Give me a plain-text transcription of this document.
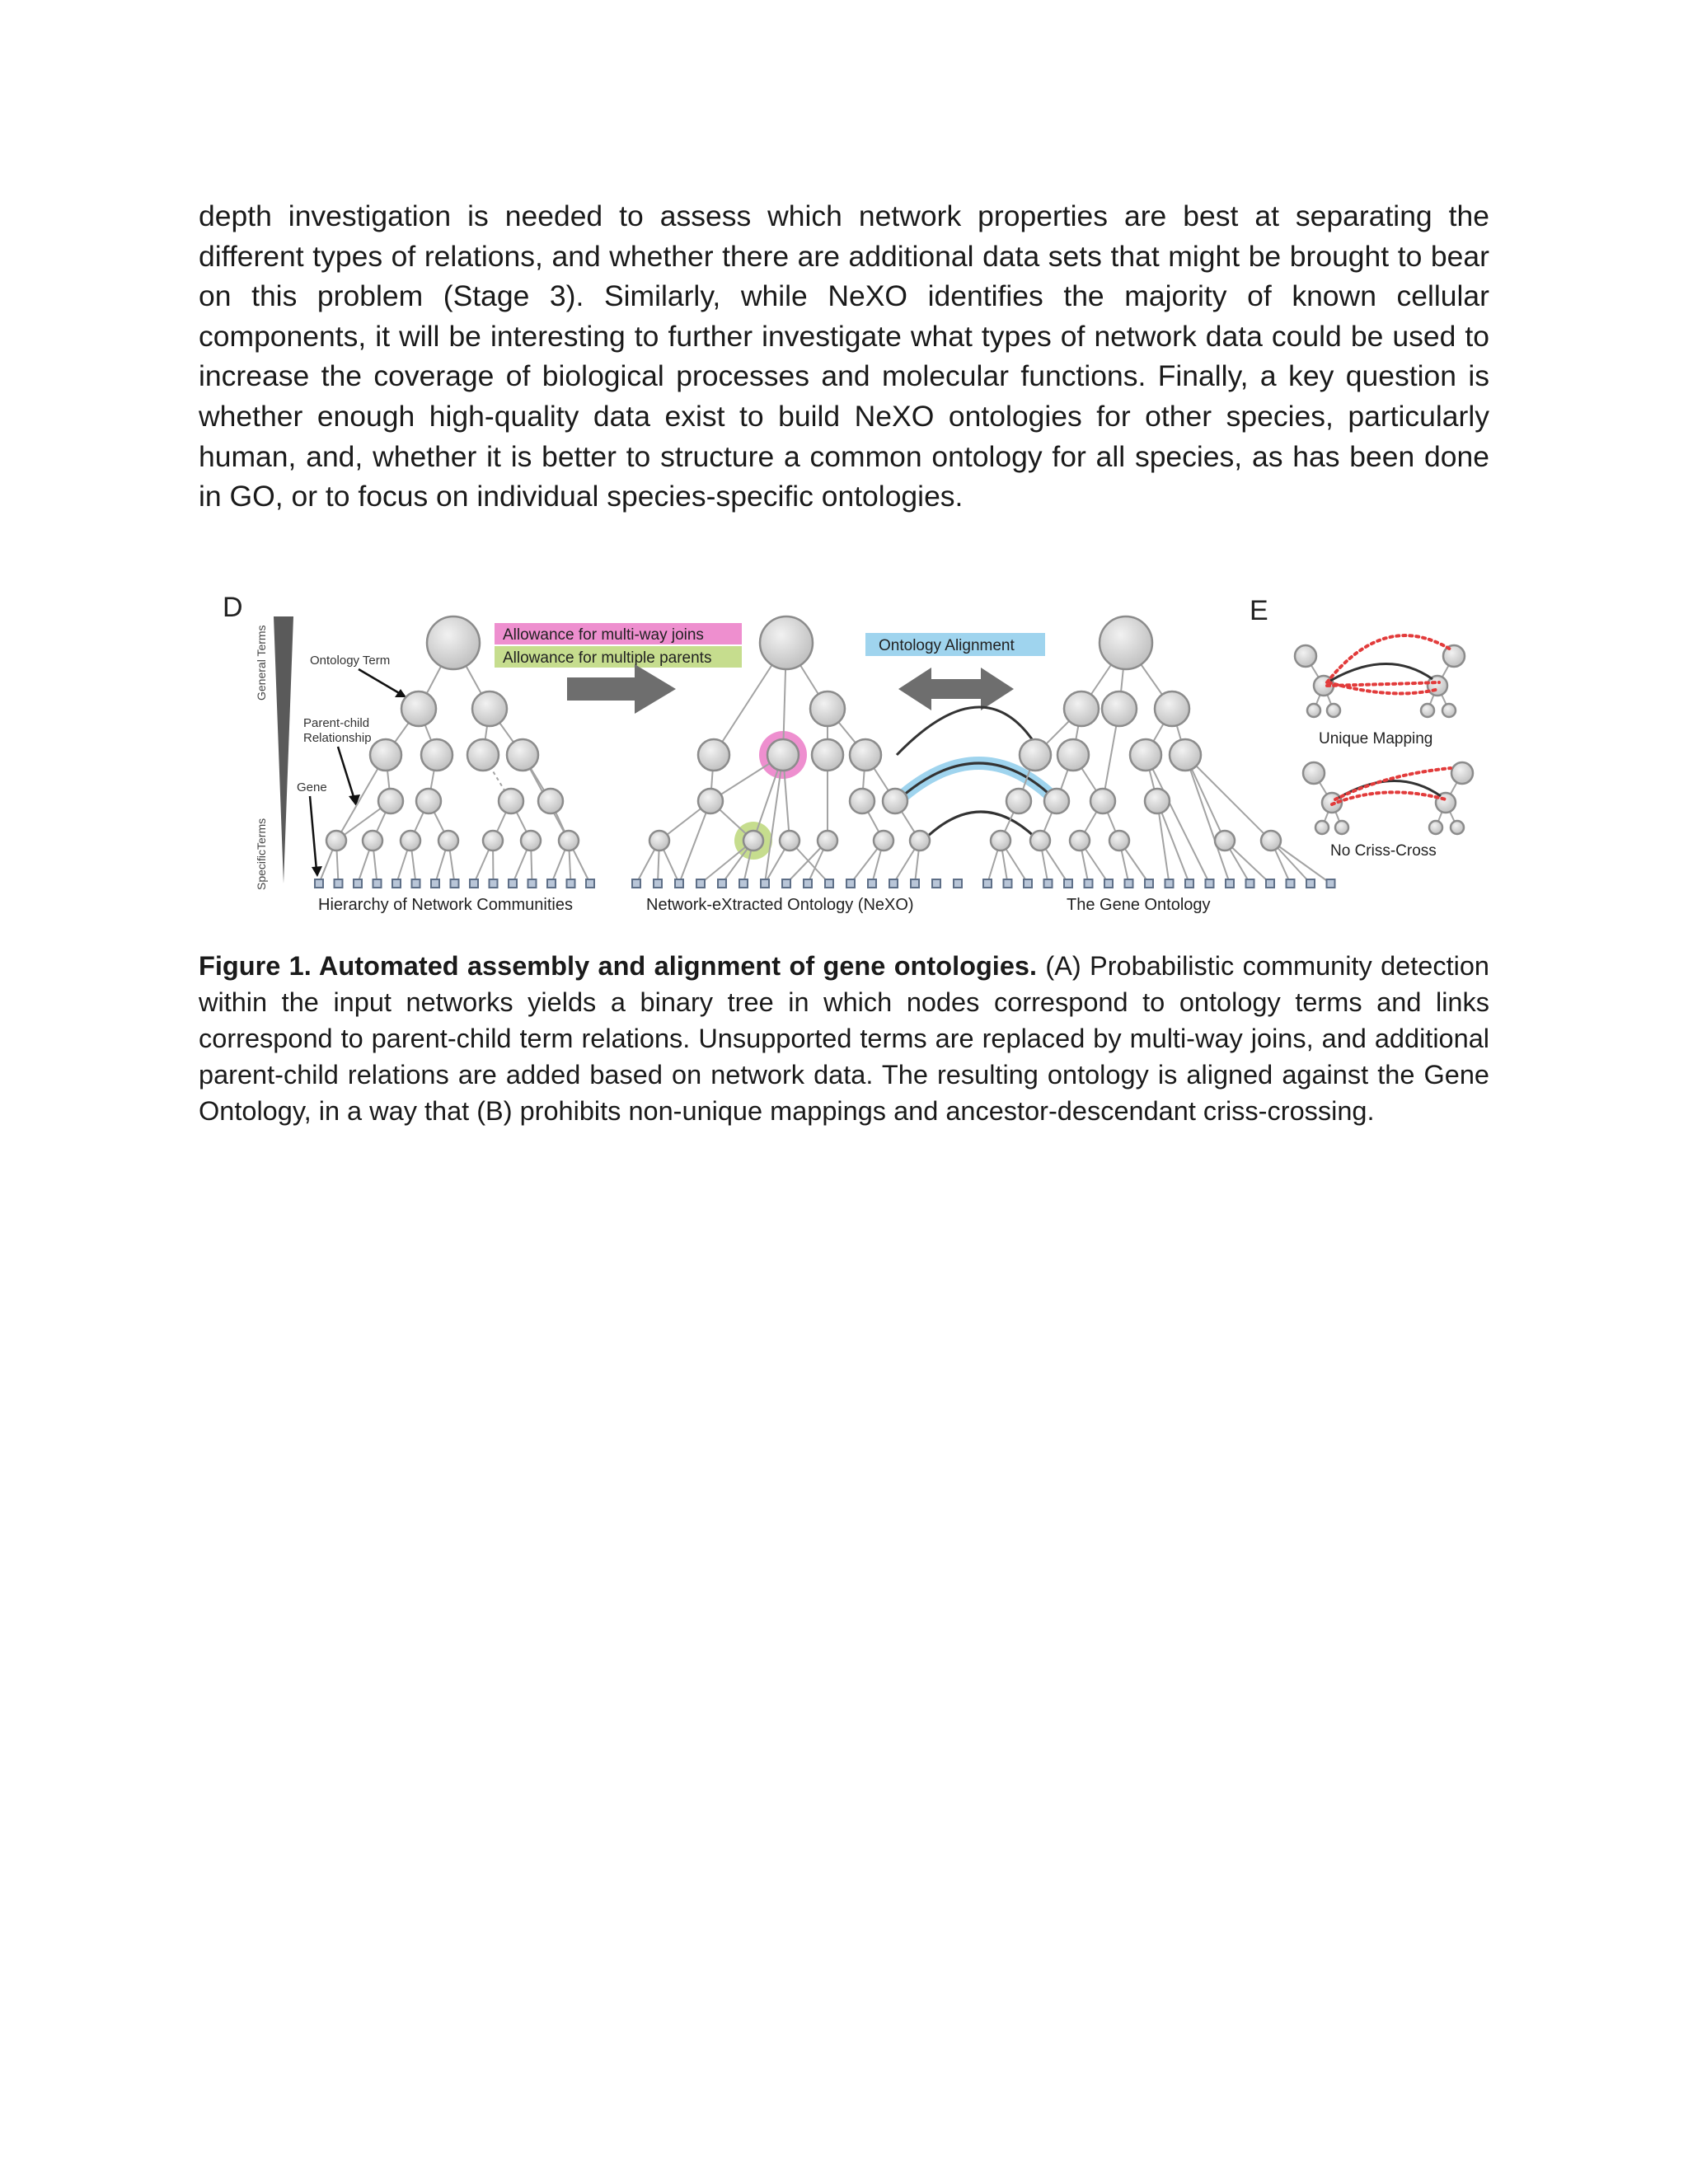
depth investigation is needed to assess which network properties are best at separating the different types of relations, and whether there are additional data sets that might be brought to bear on this problem (Stage 3). Similarly, while NeXO identifies the majority of known cellular components, it will be interesting to further investigate what types of network data could be used to increase the coverage of biological processes and molecular functions. Finally, a key question is whether enough high-quality data exist to build NeXO ontologies for other species, particularly human, and, whether it is better to structure a common ontology for all species, as has been done in GO, or to focus on individual species-specific ontologies.

D	E
General Terms
SpecificTerms
Ontology Term
Parent-child
Relationship
Gene
Allowance for multi-way joins
Allowance for multiple parents
Ontology Alignment
Hierarchy of Network Communities	Network-eXtracted Ontology (NeXO)	The Gene Ontology
Unique Mapping
No Criss-Cross

Figure 1. Automated assembly and alignment of gene ontologies. (A) Probabilistic community detection within the input networks yields a binary tree in which nodes correspond to ontology terms and links correspond to parent-child term relations. Unsupported terms are replaced by multi-way joins, and additional parent-child relations are added based on network data. The resulting ontology is aligned against the Gene Ontology, in a way that (B) prohibits non-unique mappings and ancestor-descendant criss-crossing.
